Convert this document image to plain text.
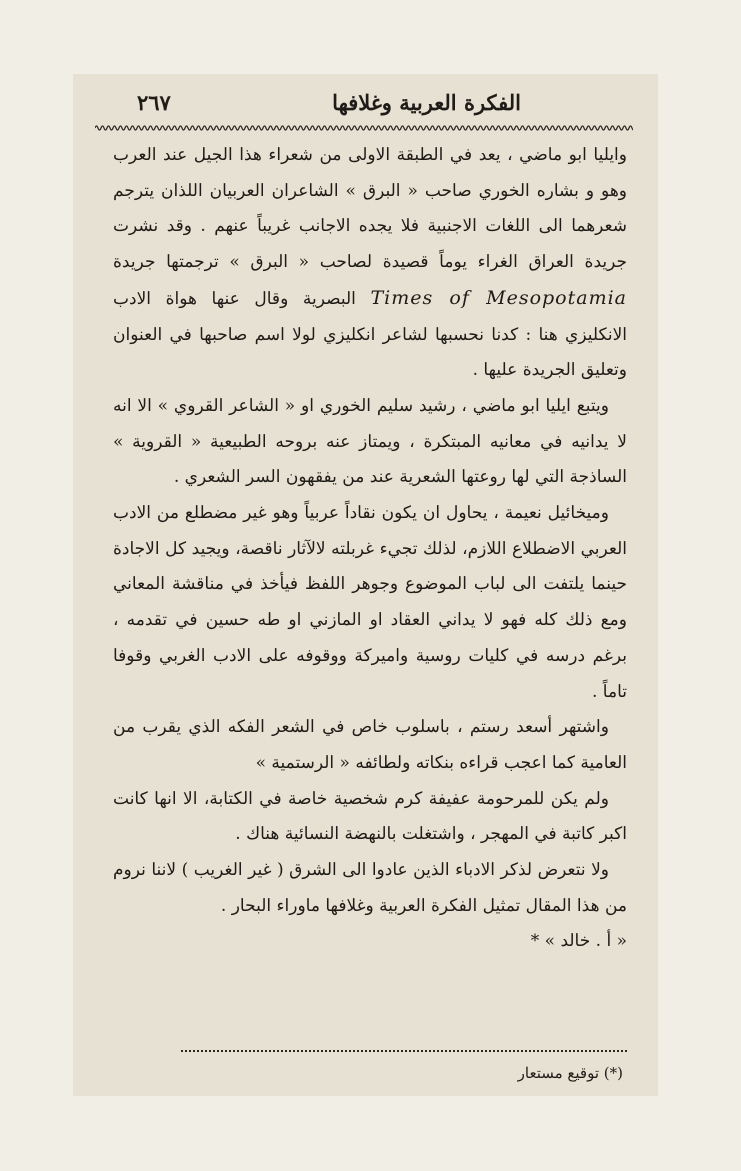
الفكرة العربية وغلافها
٢٦٧

وايليا ابو ماضي ، يعد في الطبقة الاولى من شعراء هذا الجيل عند العرب وهو و بشاره الخوري صاحب « البرق » الشاعران العربيان اللذان يترجم شعرهما الى اللغات الاجنبية فلا يجده الاجانب غريباً عنهم . وقد نشرت جريدة العراق الغراء يوماً قصيدة لصاحب « البرق » ترجمتها جريدة Times of Mesopotamia البصرية وقال عنها هواة الادب الانكليزي هنا : كدنا نحسبها لشاعر انكليزي لولا اسم صاحبها في العنوان وتعليق الجريدة عليها .

ويتبع ايليا ابو ماضي ، رشيد سليم الخوري او « الشاعر القروي » الا انه لا يدانيه في معانيه المبتكرة ، ويمتاز عنه بروحه الطبيعية « القروية » الساذجة التي لها روعتها الشعرية عند من يفقهون السر الشعري .

وميخائيل نعيمة ، يحاول ان يكون نقاداً عربياً وهو غير مضطلع من الادب العربي الاضطلاع اللازم، لذلك تجيء غربلته لالآثار ناقصة، ويجيد كل الاجادة حينما يلتفت الى لباب الموضوع وجوهر اللفظ فيأخذ في مناقشة المعاني ومع ذلك كله فهو لا يداني العقاد او المازني او طه حسين في تقدمه ، برغم درسه في كليات روسية واميركة ووقوفه على الادب الغربي وقوفا تاماً .

واشتهر أسعد رستم ، باسلوب خاص في الشعر الفكه الذي يقرب من العامية كما اعجب قراءه بنكاته ولطائفه « الرستمية »

ولم يكن للمرحومة عفيفة كرم شخصية خاصة في الكتابة، الا انها كانت اكبر كاتبة في المهجر ، واشتغلت بالنهضة النسائية هناك .

ولا نتعرض لذكر الادباء الذين عادوا الى الشرق ( غير الغريب ) لاننا نروم من هذا المقال تمثيل الفكرة العربية وغلافها ماوراء البحار .

« أ . خالد » *
(*) توقيع مستعار
